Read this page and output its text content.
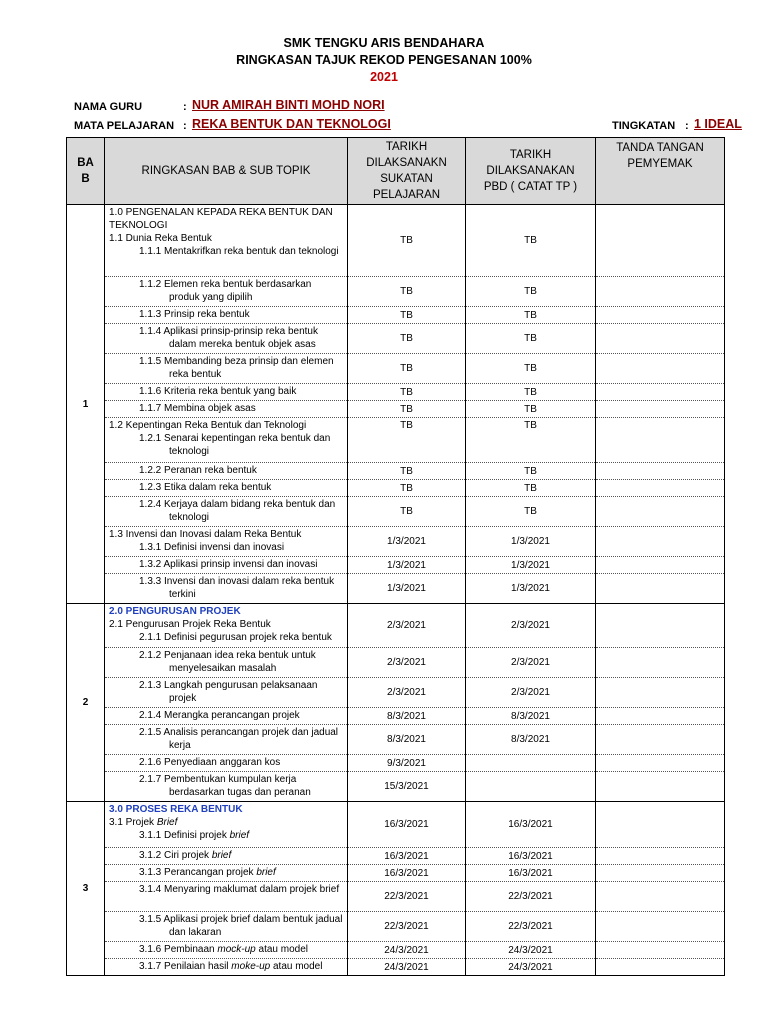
SMK TENGKU ARIS BENDAHARA
RINGKASAN TAJUK REKOD PENGESANAN 100%
2021
NAMA GURU	: NUR AMIRAH BINTI MOHD NORI
MATA PELAJARAN : REKA BENTUK DAN TEKNOLOGI	TINGKATAN : 1 IDEAL
BA B	RINGKASAN BAB & SUB TOPIK	TARIKH DILAKSANAKN SUKATAN PELAJARAN	TARIKH DILAKSANAKAN PBD ( CATAT TP )	TANDA TANGAN PEMYEMAK

1	1.0 PENGENALAN KEPADA REKA BENTUK DAN TEKNOLOGI
1.1 Dunia Reka Bentuk
1.1.1 Mentakrifkan reka bentuk dan teknologi	TB	TB	

	1.1.2 Elemen reka bentuk berdasarkan produk yang dipilih	TB	TB	

	1.1.3 Prinsip reka bentuk	TB	TB	

	1.1.4 Aplikasi prinsip-prinsip reka bentuk dalam mereka bentuk objek asas	TB	TB	

	1.1.5 Membanding beza prinsip dan elemen reka bentuk	TB	TB	

	1.1.6 Kriteria reka bentuk yang baik	TB	TB	

	1.1.7 Membina objek asas	TB	TB	

	1.2 Kepentingan Reka Bentuk dan Teknologi
1.2.1 Senarai kepentingan reka bentuk dan teknologi	TB	TB	

	1.2.2 Peranan reka bentuk	TB	TB	

	1.2.3 Etika dalam reka bentuk	TB	TB	

	1.2.4 Kerjaya dalam bidang reka bentuk dan teknologi	TB	TB	

	1.3 Invensi dan Inovasi dalam Reka Bentuk
1.3.1 Definisi invensi dan inovasi	1/3/2021	1/3/2021	

	1.3.2 Aplikasi prinsip invensi dan inovasi	1/3/2021	1/3/2021	

	1.3.3 Invensi dan inovasi dalam reka bentuk terkini	1/3/2021	1/3/2021	
2	2.0 PENGURUSAN PROJEK
2.1 Pengurusan Projek Reka Bentuk
2.1.1 Definisi pegurusan projek reka bentuk	2/3/2021	2/3/2021	

	2.1.2 Penjanaan idea reka bentuk untuk menyelesaikan masalah	2/3/2021	2/3/2021	

	2.1.3 Langkah pengurusan pelaksanaan projek	2/3/2021	2/3/2021	

	2.1.4 Merangka perancangan projek	8/3/2021	8/3/2021	

	2.1.5 Analisis perancangan projek dan jadual kerja	8/3/2021	8/3/2021	

	2.1.6 Penyediaan anggaran kos	9/3/2021		

	2.1.7 Pembentukan kumpulan kerja berdasarkan tugas dan peranan	15/3/2021		
3	3.0 PROSES REKA BENTUK
3.1 Projek Brief
3.1.1 Definisi projek brief	16/3/2021	16/3/2021	

	3.1.2 Ciri projek brief	16/3/2021	16/3/2021	

	3.1.3 Perancangan projek brief	16/3/2021	16/3/2021	

	3.1.4 Menyaring maklumat dalam projek brief	22/3/2021	22/3/2021	

	3.1.5 Aplikasi projek brief dalam bentuk jadual dan lakaran	22/3/2021	22/3/2021	

	3.1.6 Pembinaan mock-up atau model	24/3/2021	24/3/2021	

	3.1.7 Penilaian hasil moke-up atau model	24/3/2021	24/3/2021	
